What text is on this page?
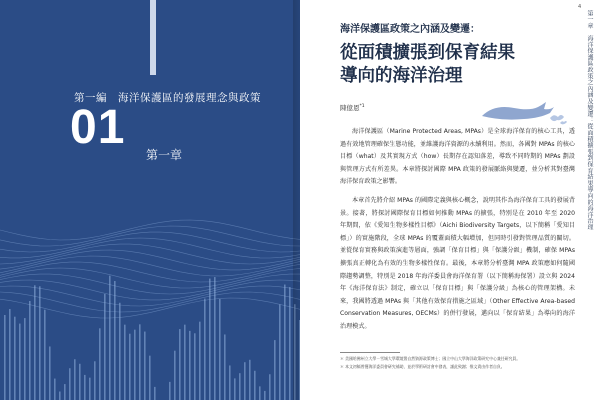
第一編　海洋保護區的發展理念與政策
01
第一章
海洋保護區政策之內涵及變遷：
從面積擴張到保育結果
導向的海洋治理
陳億恩$^{*1}$

海洋保護區（Marine Protected Areas, MPAs）是全球海洋保育的核心工具，透過有效地管理確保生態功能，並維護海洋資源的永續利用。然而，各國對 MPAs 的核心目標（what）及其實現方式（how）長期存在認知落差，導致不同時期的 MPAs 劃設與管理方式有所差異。本章將探討國際 MPA 政策的發展脈絡與變遷，並分析其對臺灣海洋保育政策之影響。

本章首先將介紹 MPAs 的國際定義與核心概念，說明其作為海洋保育工具的發展背景。接著，將探討國際保育目標如何推動 MPAs 的擴張，特別是在 2010 年至 2020 年期間，依《愛知生物多樣性目標》（Aichi Biodiversity Targets，以下簡稱「愛知目標」）的實施階段，全球 MPAs 的覆蓋面積大幅增加，但同時引發對管理品質的關切。並從保育實務與政策演進等層面，強調「保育目標」與「保護分級」機制，確保 MPAs 擴張真正轉化為有效的生物多樣性保育。最後，本章將分析臺灣 MPA 政策應如何隨國際趨勢調整，特別是 2018 年海洋委員會海洋保育署（以下簡稱海保署）設立與 2024 年《海洋保育法》制定，確立以「保育目標」與「保護分級」為核心的管理架構。未來，我國將透過 MPAs 與「其他有效保育措施之區域」（Other Effective Area-based Conservation Measures, OECMs）的併行發展，邁向以「保育結果」為導向的海洋治理模式。

＊ 美國哈佛州立大學－雪城大學環境暨自然資源政策博士；國立中山大學海洋政策研究中心兼任研究員。
＊ 本文初稿曾獲海洋委員會研究補助，並於學術研討會中發表，謹此致謝；惟文責由作者自負。
4
第一章　海洋保護區政策之內涵及變遷：從面積擴張到保育結果導向的海洋治理
